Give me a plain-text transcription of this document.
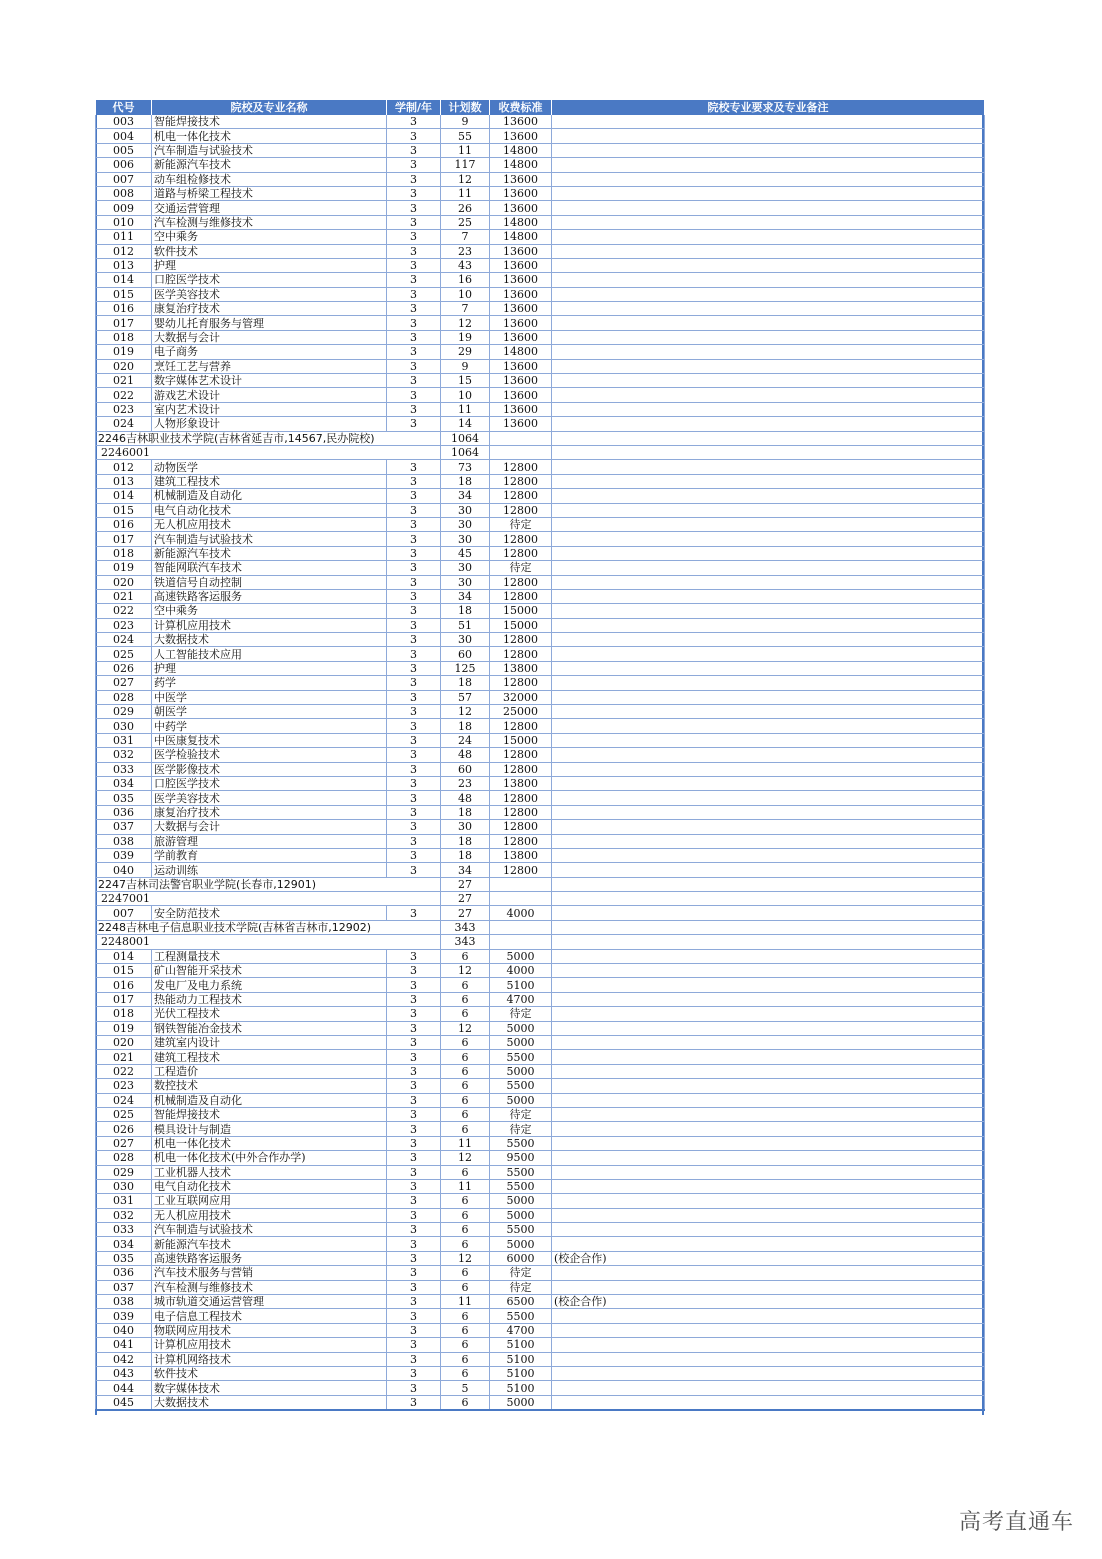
代号	院校及专业名称	学制/年	计划数	收费标准	院校专业要求及专业备注
003	智能焊接技术	3	9	13600	
004	机电一体化技术	3	55	13600	
005	汽车制造与试验技术	3	11	14800	
006	新能源汽车技术	3	117	14800	
007	动车组检修技术	3	12	13600	
008	道路与桥梁工程技术	3	11	13600	
009	交通运营管理	3	26	13600	
010	汽车检测与维修技术	3	25	14800	
011	空中乘务	3	7	14800	
012	软件技术	3	23	13600	
013	护理	3	43	13600	
014	口腔医学技术	3	16	13600	
015	医学美容技术	3	10	13600	
016	康复治疗技术	3	7	13600	
017	婴幼儿托育服务与管理	3	12	13600	
018	大数据与会计	3	19	13600	
019	电子商务	3	29	14800	
020	烹饪工艺与营养	3	9	13600	
021	数字媒体艺术设计	3	15	13600	
022	游戏艺术设计	3	10	13600	
023	室内艺术设计	3	11	13600	
024	人物形象设计	3	14	13600	
2246吉林职业技术学院(吉林省延吉市,14567,民办院校)			1064		
2246001			1064		
012	动物医学	3	73	12800	
013	建筑工程技术	3	18	12800	
014	机械制造及自动化	3	34	12800	
015	电气自动化技术	3	30	12800	
016	无人机应用技术	3	30	待定	
017	汽车制造与试验技术	3	30	12800	
018	新能源汽车技术	3	45	12800	
019	智能网联汽车技术	3	30	待定	
020	铁道信号自动控制	3	30	12800	
021	高速铁路客运服务	3	34	12800	
022	空中乘务	3	18	15000	
023	计算机应用技术	3	51	15000	
024	大数据技术	3	30	12800	
025	人工智能技术应用	3	60	12800	
026	护理	3	125	13800	
027	药学	3	18	12800	
028	中医学	3	57	32000	
029	朝医学	3	12	25000	
030	中药学	3	18	12800	
031	中医康复技术	3	24	15000	
032	医学检验技术	3	48	12800	
033	医学影像技术	3	60	12800	
034	口腔医学技术	3	23	13800	
035	医学美容技术	3	48	12800	
036	康复治疗技术	3	18	12800	
037	大数据与会计	3	30	12800	
038	旅游管理	3	18	12800	
039	学前教育	3	18	13800	
040	运动训练	3	34	12800	
2247吉林司法警官职业学院(长春市,12901)			27		
2247001			27		
007	安全防范技术	3	27	4000	
2248吉林电子信息职业技术学院(吉林省吉林市,12902)			343		
2248001			343		
014	工程测量技术	3	6	5000	
015	矿山智能开采技术	3	12	4000	
016	发电厂及电力系统	3	6	5100	
017	热能动力工程技术	3	6	4700	
018	光伏工程技术	3	6	待定	
019	钢铁智能冶金技术	3	12	5000	
020	建筑室内设计	3	6	5000	
021	建筑工程技术	3	6	5500	
022	工程造价	3	6	5000	
023	数控技术	3	6	5500	
024	机械制造及自动化	3	6	5000	
025	智能焊接技术	3	6	待定	
026	模具设计与制造	3	6	待定	
027	机电一体化技术	3	11	5500	
028	机电一体化技术(中外合作办学)	3	12	9500	
029	工业机器人技术	3	6	5500	
030	电气自动化技术	3	11	5500	
031	工业互联网应用	3	6	5000	
032	无人机应用技术	3	6	5000	
033	汽车制造与试验技术	3	6	5500	
034	新能源汽车技术	3	6	5000	
035	高速铁路客运服务	3	12	6000	(校企合作)
036	汽车技术服务与营销	3	6	待定	
037	汽车检测与维修技术	3	6	待定	
038	城市轨道交通运营管理	3	11	6500	(校企合作)
039	电子信息工程技术	3	6	5500	
040	物联网应用技术	3	6	4700	
041	计算机应用技术	3	6	5100	
042	计算机网络技术	3	6	5100	
043	软件技术	3	6	5100	
044	数字媒体技术	3	5	5100	
045	大数据技术	3	6	5000	
高考直通车
